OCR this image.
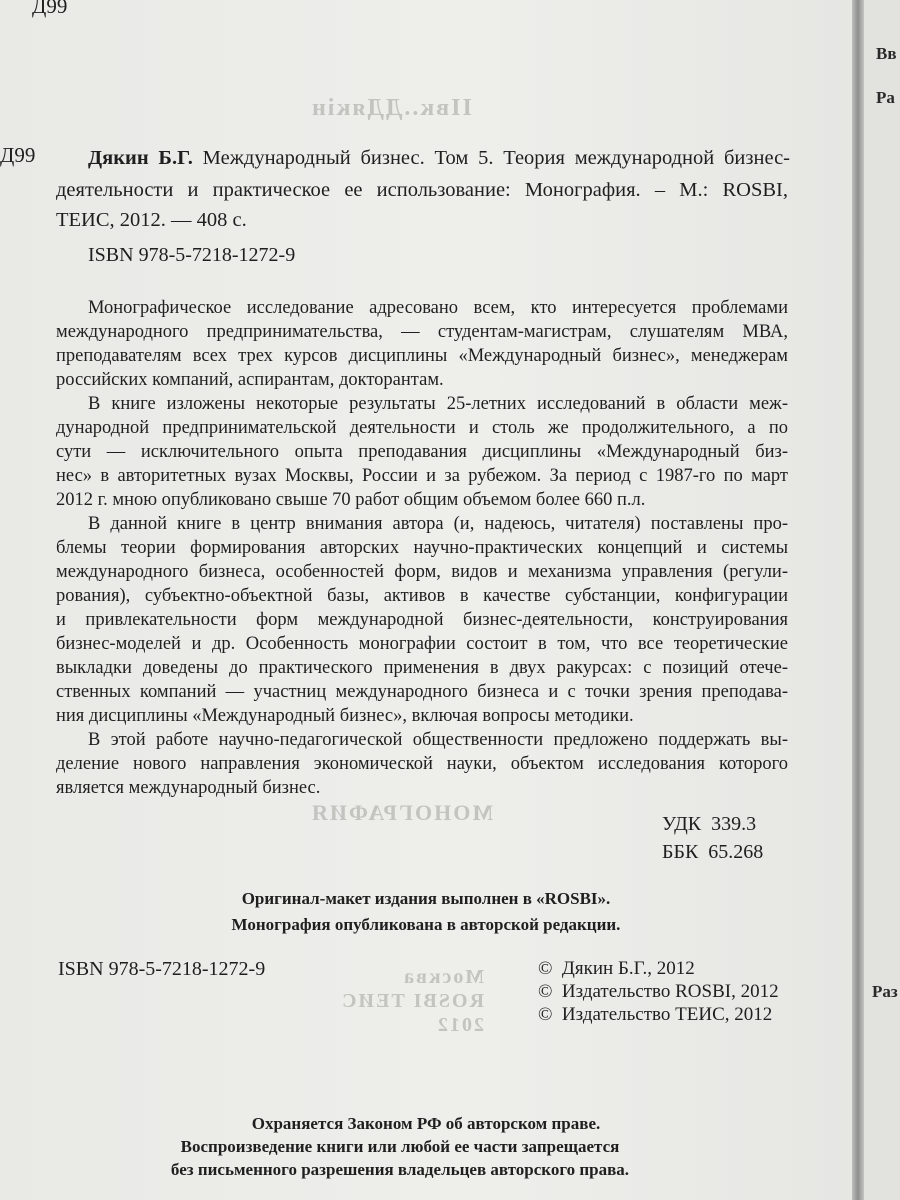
ІІвк..ДДякін
МОНОГРАФИЯ
Москва
ROSBI ТЕИС
2012
Д99
Д99	Дякин Б.Г. Международный бизнес. Том 5. Теория международной бизнес-
деятельности и практическое ее использование: Монография. – М.: ROSBI,
ТЕИС, 2012. — 408 с.
ISBN 978-5-7218-1272-9
Монографическое исследование адресовано всем, кто интересуется проблемами
международного предпринимательства, — студентам-магистрам, слушателям МВА,
преподавателям всех трех курсов дисциплины «Международный бизнес», менеджерам
российских компаний, аспирантам, докторантам.
В книге изложены некоторые результаты 25-летних исследований в области меж-
дународной предпринимательской деятельности и столь же продолжительного, а по
сути — исключительного опыта преподавания дисциплины «Международный биз-
нес» в авторитетных вузах Москвы, России и за рубежом. За период с 1987-го по март
2012 г. мною опубликовано свыше 70 работ общим объемом более 660 п.л.
В данной книге в центр внимания автора (и, надеюсь, читателя) поставлены про-
блемы теории формирования авторских научно-практических концепций и системы
международного бизнеса, особенностей форм, видов и механизма управления (регули-
рования), субъектно-объектной базы, активов в качестве субстанции, конфигурации
и привлекательности форм международной бизнес-деятельности, конструирования
бизнес-моделей и др. Особенность монографии состоит в том, что все теоретические
выкладки доведены до практического применения в двух ракурсах: с позиций отече-
ственных компаний — участниц международного бизнеса и с точки зрения преподава-
ния дисциплины «Международный бизнес», включая вопросы методики.
В этой работе научно-педагогической общественности предложено поддержать вы-
деление нового направления экономической науки, объектом исследования которого
является международный бизнес.
УДК  339.3
ББК  65.268
Оригинал-макет издания выполнен в «ROSBI».
Монография опубликована в авторской редакции.
ISBN 978-5-7218-1272-9	©  Дякин Б.Г., 2012
©  Издательство ROSBI, 2012
©  Издательство ТЕИС, 2012
Охраняется Законом РФ об авторском праве.
Воспроизведение книги или любой ее части запрещается
без письменного разрешения владельцев авторского права.
Вв
Ра
Раз
